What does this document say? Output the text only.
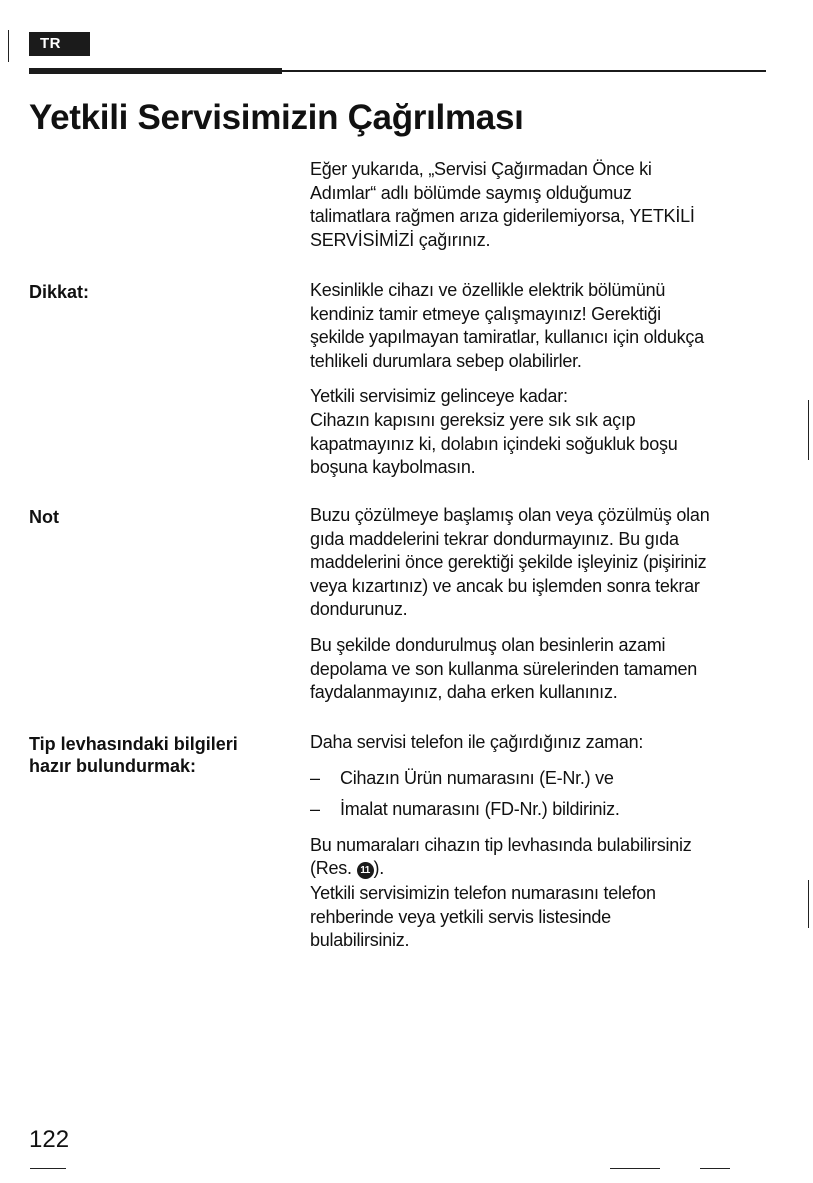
TR
Yetkili Servisimizin Çağrılması

Eğer yukarıda, „Servisi Çağırmadan Önce ki
Adımlar“ adlı bölümde saymış olduğumuz
talimatlara rağmen arıza giderilemiyorsa, YETKİLİ
SERVİSİMİZİ çağırınız.

Dikkat:	Kesinlikle cihazı ve özellikle elektrik bölümünü
kendiniz tamir etmeye çalışmayınız! Gerektiği
şekilde yapılmayan tamiratlar, kullanıcı için oldukça
tehlikeli durumlara sebep olabilirler.

Yetkili servisimiz gelinceye kadar:
Cihazın kapısını gereksiz yere sık sık açıp
kapatmayınız ki, dolabın içindeki soğukluk boşu
boşuna kaybolmasın.

Not	Buzu çözülmeye başlamış olan veya çözülmüş olan
gıda maddelerini tekrar dondurmayınız. Bu gıda
maddelerini önce gerektiği şekilde işleyiniz (pişiriniz
veya kızartınız) ve ancak bu işlemden sonra tekrar
dondurunuz.

Bu şekilde dondurulmuş olan besinlerin azami
depolama ve son kullanma sürelerinden tamamen
faydalanmayınız, daha erken kullanınız.

Tip levhasındaki bilgileri
hazır bulundurmak:

Daha servisi telefon ile çağırdığınız zaman:

– Cihazın Ürün numarasını (E-Nr.) ve
– İmalat numarasını (FD-Nr.) bildiriniz.

Bu numaraları cihazın tip levhasında bulabilirsiniz
(Res. 11 ).

Yetkili servisimizin telefon numarasını telefon
rehberinde veya yetkili servis listesinde
bulabilirsiniz.

122
